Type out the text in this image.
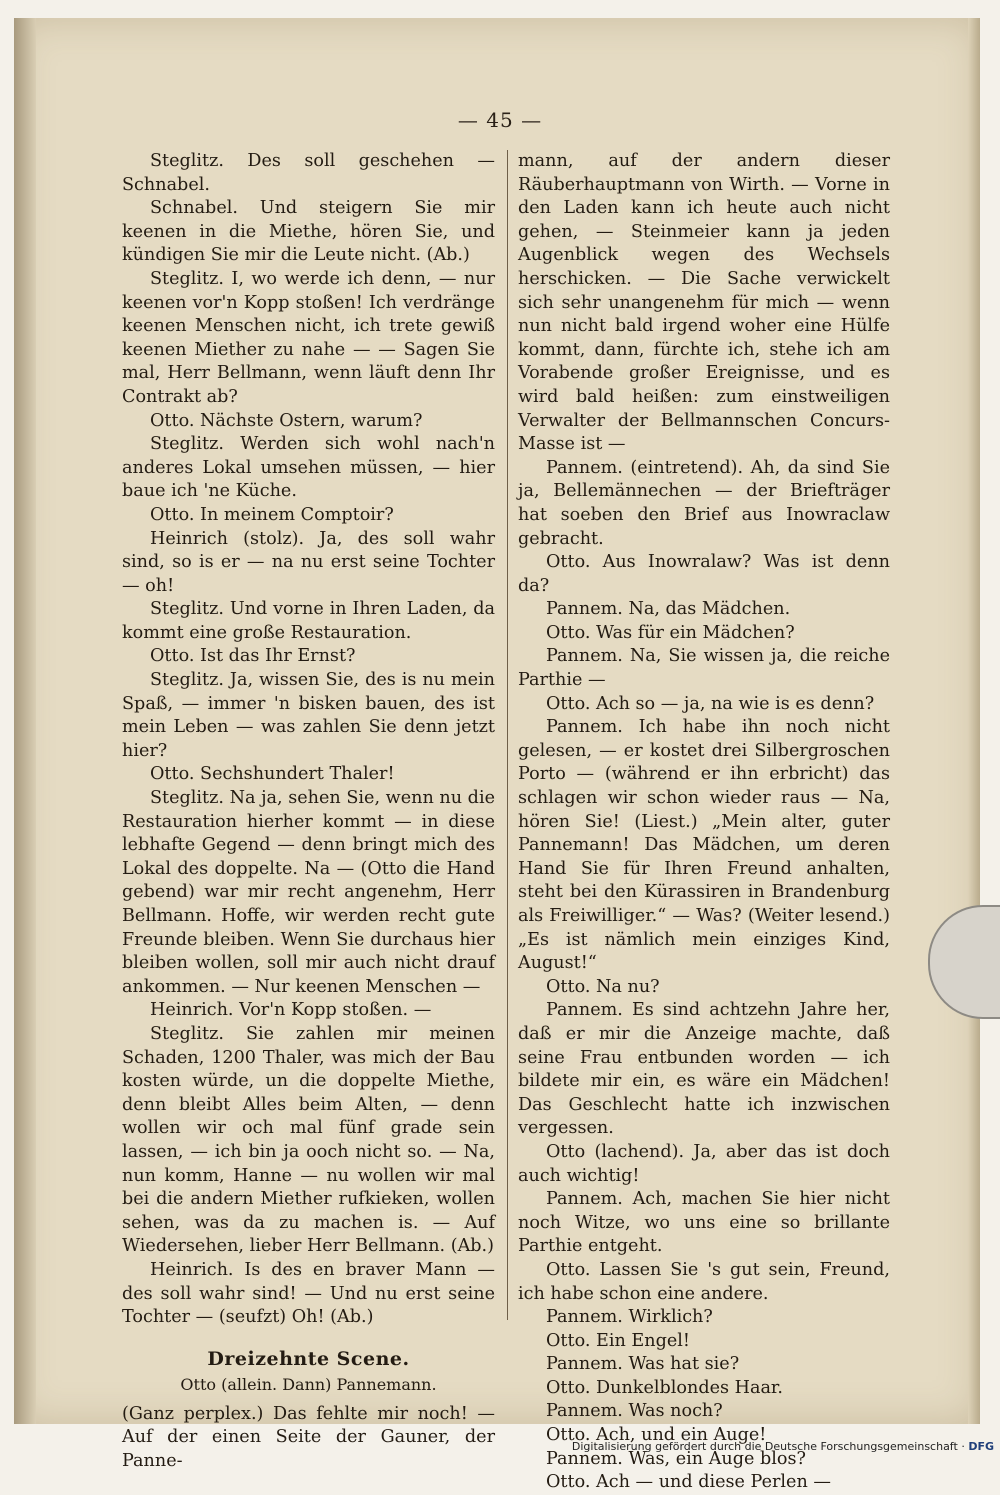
— 45 —

Steglitz. Des soll geschehen — Schnabel.

Schnabel. Und steigern Sie mir keenen in die Miethe, hören Sie, und kündigen Sie mir die Leute nicht. (Ab.)

Steglitz. I, wo werde ich denn, — nur keenen vor'n Kopp stoßen! Ich verdränge keenen Menschen nicht, ich trete gewiß keenen Miether zu nahe — — Sagen Sie mal, Herr Bellmann, wenn läuft denn Ihr Contrakt ab?

Otto. Nächste Ostern, warum?

Steglitz. Werden sich wohl nach'n anderes Lokal umsehen müssen, — hier baue ich 'ne Küche.

Otto. In meinem Comptoir?

Heinrich (stolz). Ja, des soll wahr sind, so is er — na nu erst seine Tochter — oh!

Steglitz. Und vorne in Ihren Laden, da kommt eine große Restauration.

Otto. Ist das Ihr Ernst?

Steglitz. Ja, wissen Sie, des is nu mein Spaß, — immer 'n bisken bauen, des ist mein Leben — was zahlen Sie denn jetzt hier?

Otto. Sechshundert Thaler!

Steglitz. Na ja, sehen Sie, wenn nu die Restauration hierher kommt — in diese lebhafte Gegend — denn bringt mich des Lokal des doppelte. Na — (Otto die Hand gebend) war mir recht angenehm, Herr Bellmann. Hoffe, wir werden recht gute Freunde bleiben. Wenn Sie durchaus hier bleiben wollen, soll mir auch nicht drauf ankommen. — Nur keenen Menschen —

Heinrich. Vor'n Kopp stoßen. —

Steglitz. Sie zahlen mir meinen Schaden, 1200 Thaler, was mich der Bau kosten würde, un die doppelte Miethe, denn bleibt Alles beim Alten, — denn wollen wir och mal fünf grade sein lassen, — ich bin ja ooch nicht so. — Na, nun komm, Hanne — nu wollen wir mal bei die andern Miether rufkieken, wollen sehen, was da zu machen is. — Auf Wiedersehen, lieber Herr Bellmann. (Ab.)

Heinrich. Is des en braver Mann — des soll wahr sind! — Und nu erst seine Tochter — (seufzt) Oh! (Ab.)

Dreizehnte Scene.
Otto (allein. Dann) Pannemann.

(Ganz perplex.) Das fehlte mir noch! — Auf der einen Seite der Gauner, der Panne-

mann, auf der andern dieser Räuberhauptmann von Wirth. — Vorne in den Laden kann ich heute auch nicht gehen, — Steinmeier kann ja jeden Augenblick wegen des Wechsels herschicken. — Die Sache verwickelt sich sehr unangenehm für mich — wenn nun nicht bald irgend woher eine Hülfe kommt, dann, fürchte ich, stehe ich am Vorabende großer Ereignisse, und es wird bald heißen: zum einstweiligen Verwalter der Bellmannschen Concurs-Masse ist —

Pannem. (eintretend). Ah, da sind Sie ja, Bellemännechen — der Briefträger hat soeben den Brief aus Inowraclaw gebracht.

Otto. Aus Inowralaw? Was ist denn da?

Pannem. Na, das Mädchen.

Otto. Was für ein Mädchen?

Pannem. Na, Sie wissen ja, die reiche Parthie —

Otto. Ach so — ja, na wie is es denn?

Pannem. Ich habe ihn noch nicht gelesen, — er kostet drei Silbergroschen Porto — (während er ihn erbricht) das schlagen wir schon wieder raus — Na, hören Sie! (Liest.) „Mein alter, guter Pannemann! Das Mädchen, um deren Hand Sie für Ihren Freund anhalten, steht bei den Kürassiren in Brandenburg als Freiwilliger.“ — Was? (Weiter lesend.) „Es ist nämlich mein einziges Kind, August!“

Otto. Na nu?

Pannem. Es sind achtzehn Jahre her, daß er mir die Anzeige machte, daß seine Frau entbunden worden — ich bildete mir ein, es wäre ein Mädchen! Das Geschlecht hatte ich inzwischen vergessen.

Otto (lachend). Ja, aber das ist doch auch wichtig!

Pannem. Ach, machen Sie hier nicht noch Witze, wo uns eine so brillante Parthie entgeht.

Otto. Lassen Sie 's gut sein, Freund, ich habe schon eine andere.

Pannem. Wirklich?

Otto. Ein Engel!

Pannem. Was hat sie?

Otto. Dunkelblondes Haar.

Pannem. Was noch?

Otto. Ach, und ein Auge!

Pannem. Was, ein Auge blos?

Otto. Ach — und diese Perlen —

Digitalisierung gefördert durch die Deutsche Forschungsgemeinschaft · DFG
